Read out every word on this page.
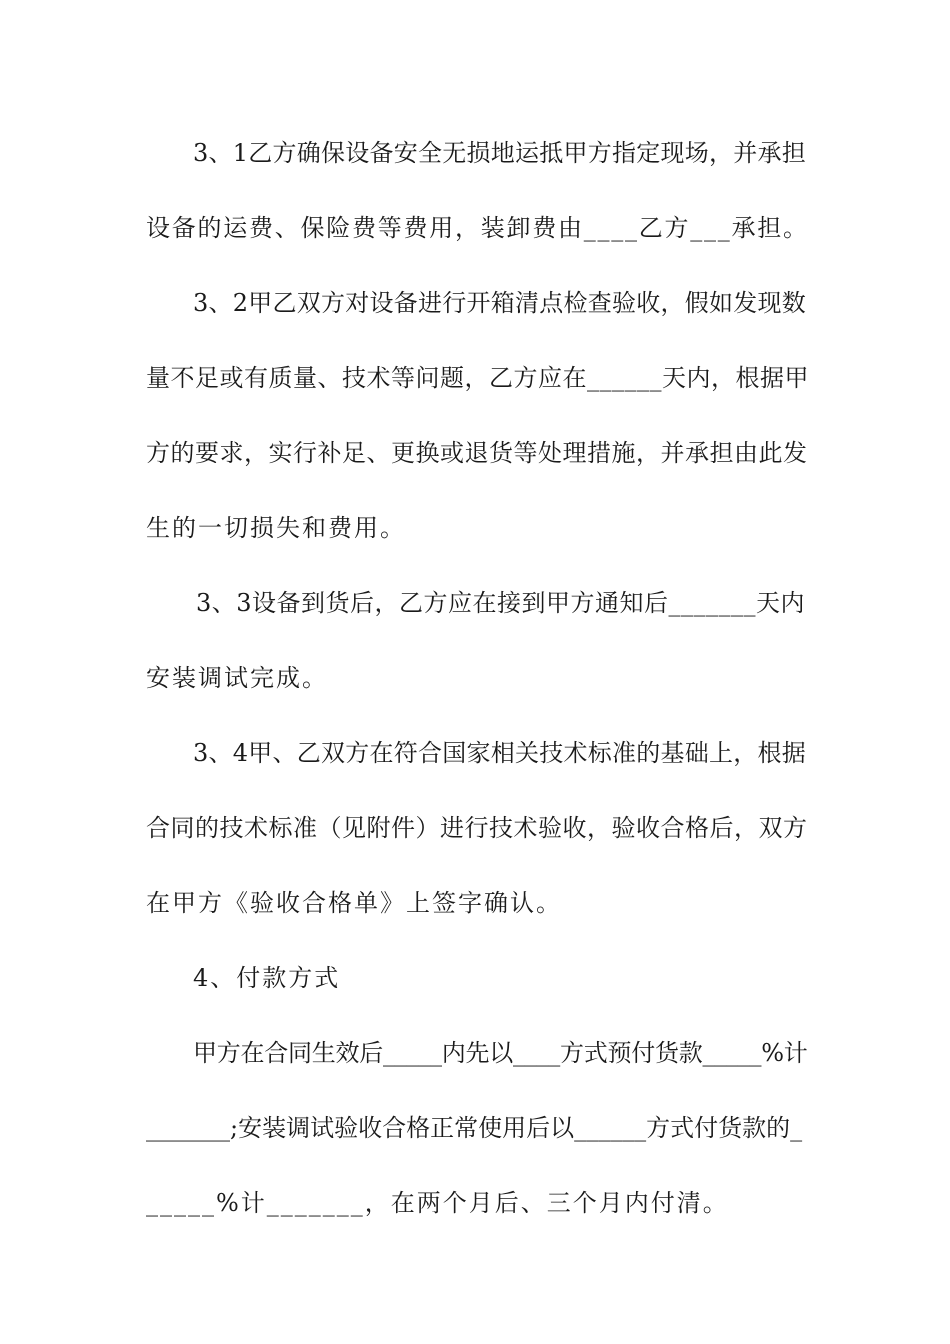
3、1乙方确保设备安全无损地运抵甲方指定现场，并承担
设备的运费、保险费等费用，装卸费由____乙方___承担。
3、2甲乙双方对设备进行开箱清点检查验收，假如发现数
量不足或有质量、技术等问题，乙方应在______天内，根据甲
方的要求，实行补足、更换或退货等处理措施，并承担由此发
生的一切损失和费用。
3、3设备到货后，乙方应在接到甲方通知后_______天内
安装调试完成。
3、4甲、乙双方在符合国家相关技术标准的基础上，根据
合同的技术标准（见附件）进行技术验收，验收合格后，双方
在甲方《验收合格单》上签字确认。
4、付款方式
甲方在合同生效后_____内先以____方式预付货款_____%计
_______;安装调试验收合格正常使用后以______方式付货款的_
_____%计_______，在两个月后、三个月内付清。
